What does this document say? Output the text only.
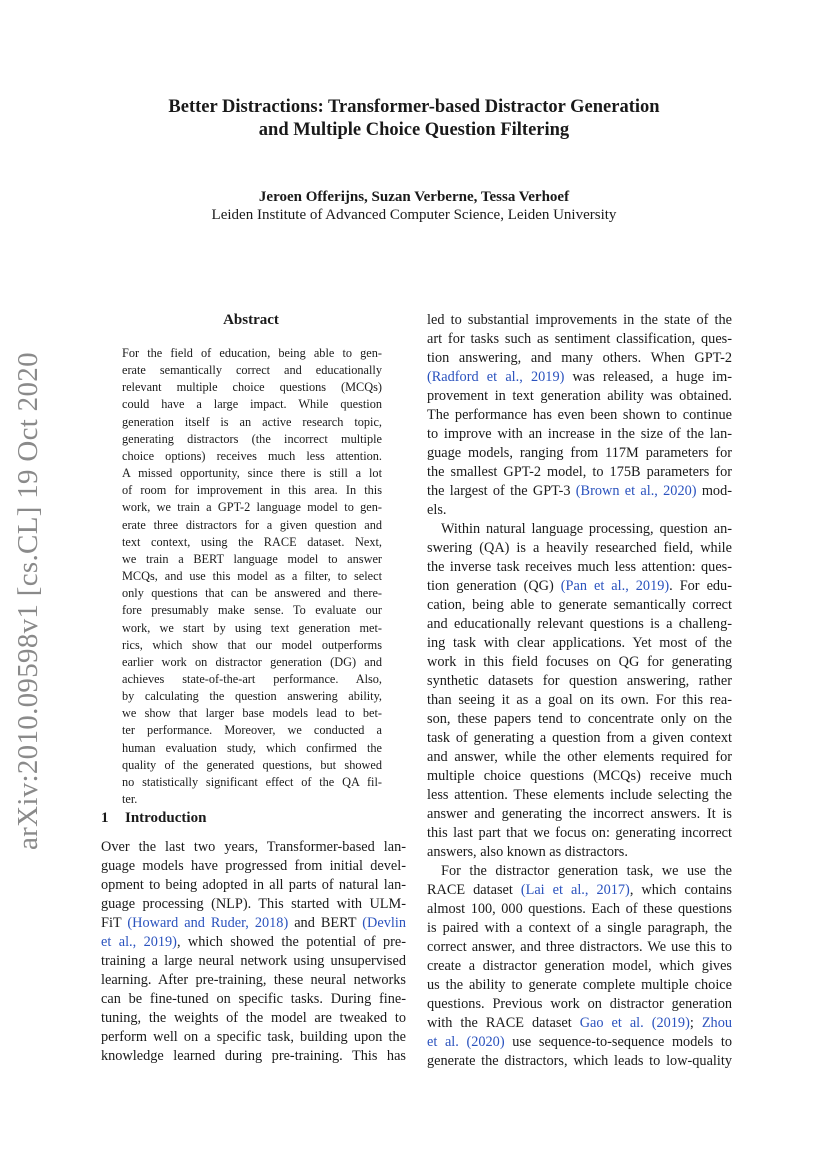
Better Distractions: Transformer-based Distractor Generation
and Multiple Choice Question Filtering
Jeroen Offerijns, Suzan Verberne, Tessa Verhoef
Leiden Institute of Advanced Computer Science, Leiden University
arXiv:2010.09598v1 [cs.CL] 19 Oct 2020
Abstract
For the field of education, being able to gen-
erate semantically correct and educationally
relevant multiple choice questions (MCQs)
could have a large impact. While question
generation itself is an active research topic,
generating distractors (the incorrect multiple
choice options) receives much less attention.
A missed opportunity, since there is still a lot
of room for improvement in this area. In this
work, we train a GPT-2 language model to gen-
erate three distractors for a given question and
text context, using the RACE dataset. Next,
we train a BERT language model to answer
MCQs, and use this model as a filter, to select
only questions that can be answered and there-
fore presumably make sense. To evaluate our
work, we start by using text generation met-
rics, which show that our model outperforms
earlier work on distractor generation (DG) and
achieves state-of-the-art performance. Also,
by calculating the question answering ability,
we show that larger base models lead to bet-
ter performance. Moreover, we conducted a
human evaluation study, which confirmed the
quality of the generated questions, but showed
no statistically significant effect of the QA fil-
ter.
1 Introduction
Over the last two years, Transformer-based lan-
guage models have progressed from initial devel-
opment to being adopted in all parts of natural lan-
guage processing (NLP). This started with ULM-
FiT (Howard and Ruder, 2018) and BERT (Devlin
et al., 2019), which showed the potential of pre-
training a large neural network using unsupervised
learning. After pre-training, these neural networks
can be fine-tuned on specific tasks. During fine-
tuning, the weights of the model are tweaked to
perform well on a specific task, building upon the
knowledge learned during pre-training. This has
led to substantial improvements in the state of the
art for tasks such as sentiment classification, ques-
tion answering, and many others. When GPT-2
(Radford et al., 2019) was released, a huge im-
provement in text generation ability was obtained.
The performance has even been shown to continue
to improve with an increase in the size of the lan-
guage models, ranging from 117M parameters for
the smallest GPT-2 model, to 175B parameters for
the largest of the GPT-3 (Brown et al., 2020) mod-
els.
Within natural language processing, question an-
swering (QA) is a heavily researched field, while
the inverse task receives much less attention: ques-
tion generation (QG) (Pan et al., 2019). For edu-
cation, being able to generate semantically correct
and educationally relevant questions is a challeng-
ing task with clear applications. Yet most of the
work in this field focuses on QG for generating
synthetic datasets for question answering, rather
than seeing it as a goal on its own. For this rea-
son, these papers tend to concentrate only on the
task of generating a question from a given context
and answer, while the other elements required for
multiple choice questions (MCQs) receive much
less attention. These elements include selecting the
answer and generating the incorrect answers. It is
this last part that we focus on: generating incorrect
answers, also known as distractors.
For the distractor generation task, we use the
RACE dataset (Lai et al., 2017), which contains
almost 100, 000 questions. Each of these questions
is paired with a context of a single paragraph, the
correct answer, and three distractors. We use this to
create a distractor generation model, which gives
us the ability to generate complete multiple choice
questions. Previous work on distractor generation
with the RACE dataset Gao et al. (2019); Zhou
et al. (2020) use sequence-to-sequence models to
generate the distractors, which leads to low-quality
